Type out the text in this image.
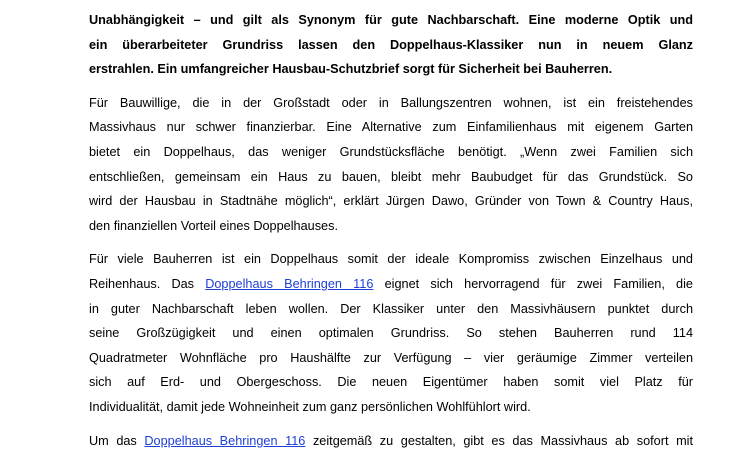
Unabhängigkeit – und gilt als Synonym für gute Nachbarschaft. Eine moderne Optik und
ein überarbeiteter Grundriss lassen den Doppelhaus-Klassiker nun in neuem Glanz
erstrahlen. Ein umfangreicher Hausbau-Schutzbrief sorgt für Sicherheit bei Bauherren.

Für Bauwillige, die in der Großstadt oder in Ballungszentren wohnen, ist ein freistehendes
Massivhaus nur schwer finanzierbar. Eine Alternative zum Einfamilienhaus mit eigenem Garten
bietet ein Doppelhaus, das weniger Grundstücksfläche benötigt. „Wenn zwei Familien sich
entschließen, gemeinsam ein Haus zu bauen, bleibt mehr Baubudget für das Grundstück. So
wird der Hausbau in Stadtnähe möglich“, erklärt Jürgen Dawo, Gründer von Town & Country Haus,
den finanziellen Vorteil eines Doppelhauses.

Für viele Bauherren ist ein Doppelhaus somit der ideale Kompromiss zwischen Einzelhaus und
Reihenhaus. Das Doppelhaus Behringen 116 eignet sich hervorragend für zwei Familien, die
in guter Nachbarschaft leben wollen. Der Klassiker unter den Massivhäusern punktet durch
seine Großzügigkeit und einen optimalen Grundriss. So stehen Bauherren rund 114
Quadratmeter Wohnfläche pro Haushälfte zur Verfügung – vier geräumige Zimmer verteilen
sich auf Erd- und Obergeschoss. Die neuen Eigentümer haben somit viel Platz für
Individualität, damit jede Wohneinheit zum ganz persönlichen Wohlfühlort wird.

Um das Doppelhaus Behringen 116 zeitgemäß zu gestalten, gibt es das Massivhaus ab sofort mit
